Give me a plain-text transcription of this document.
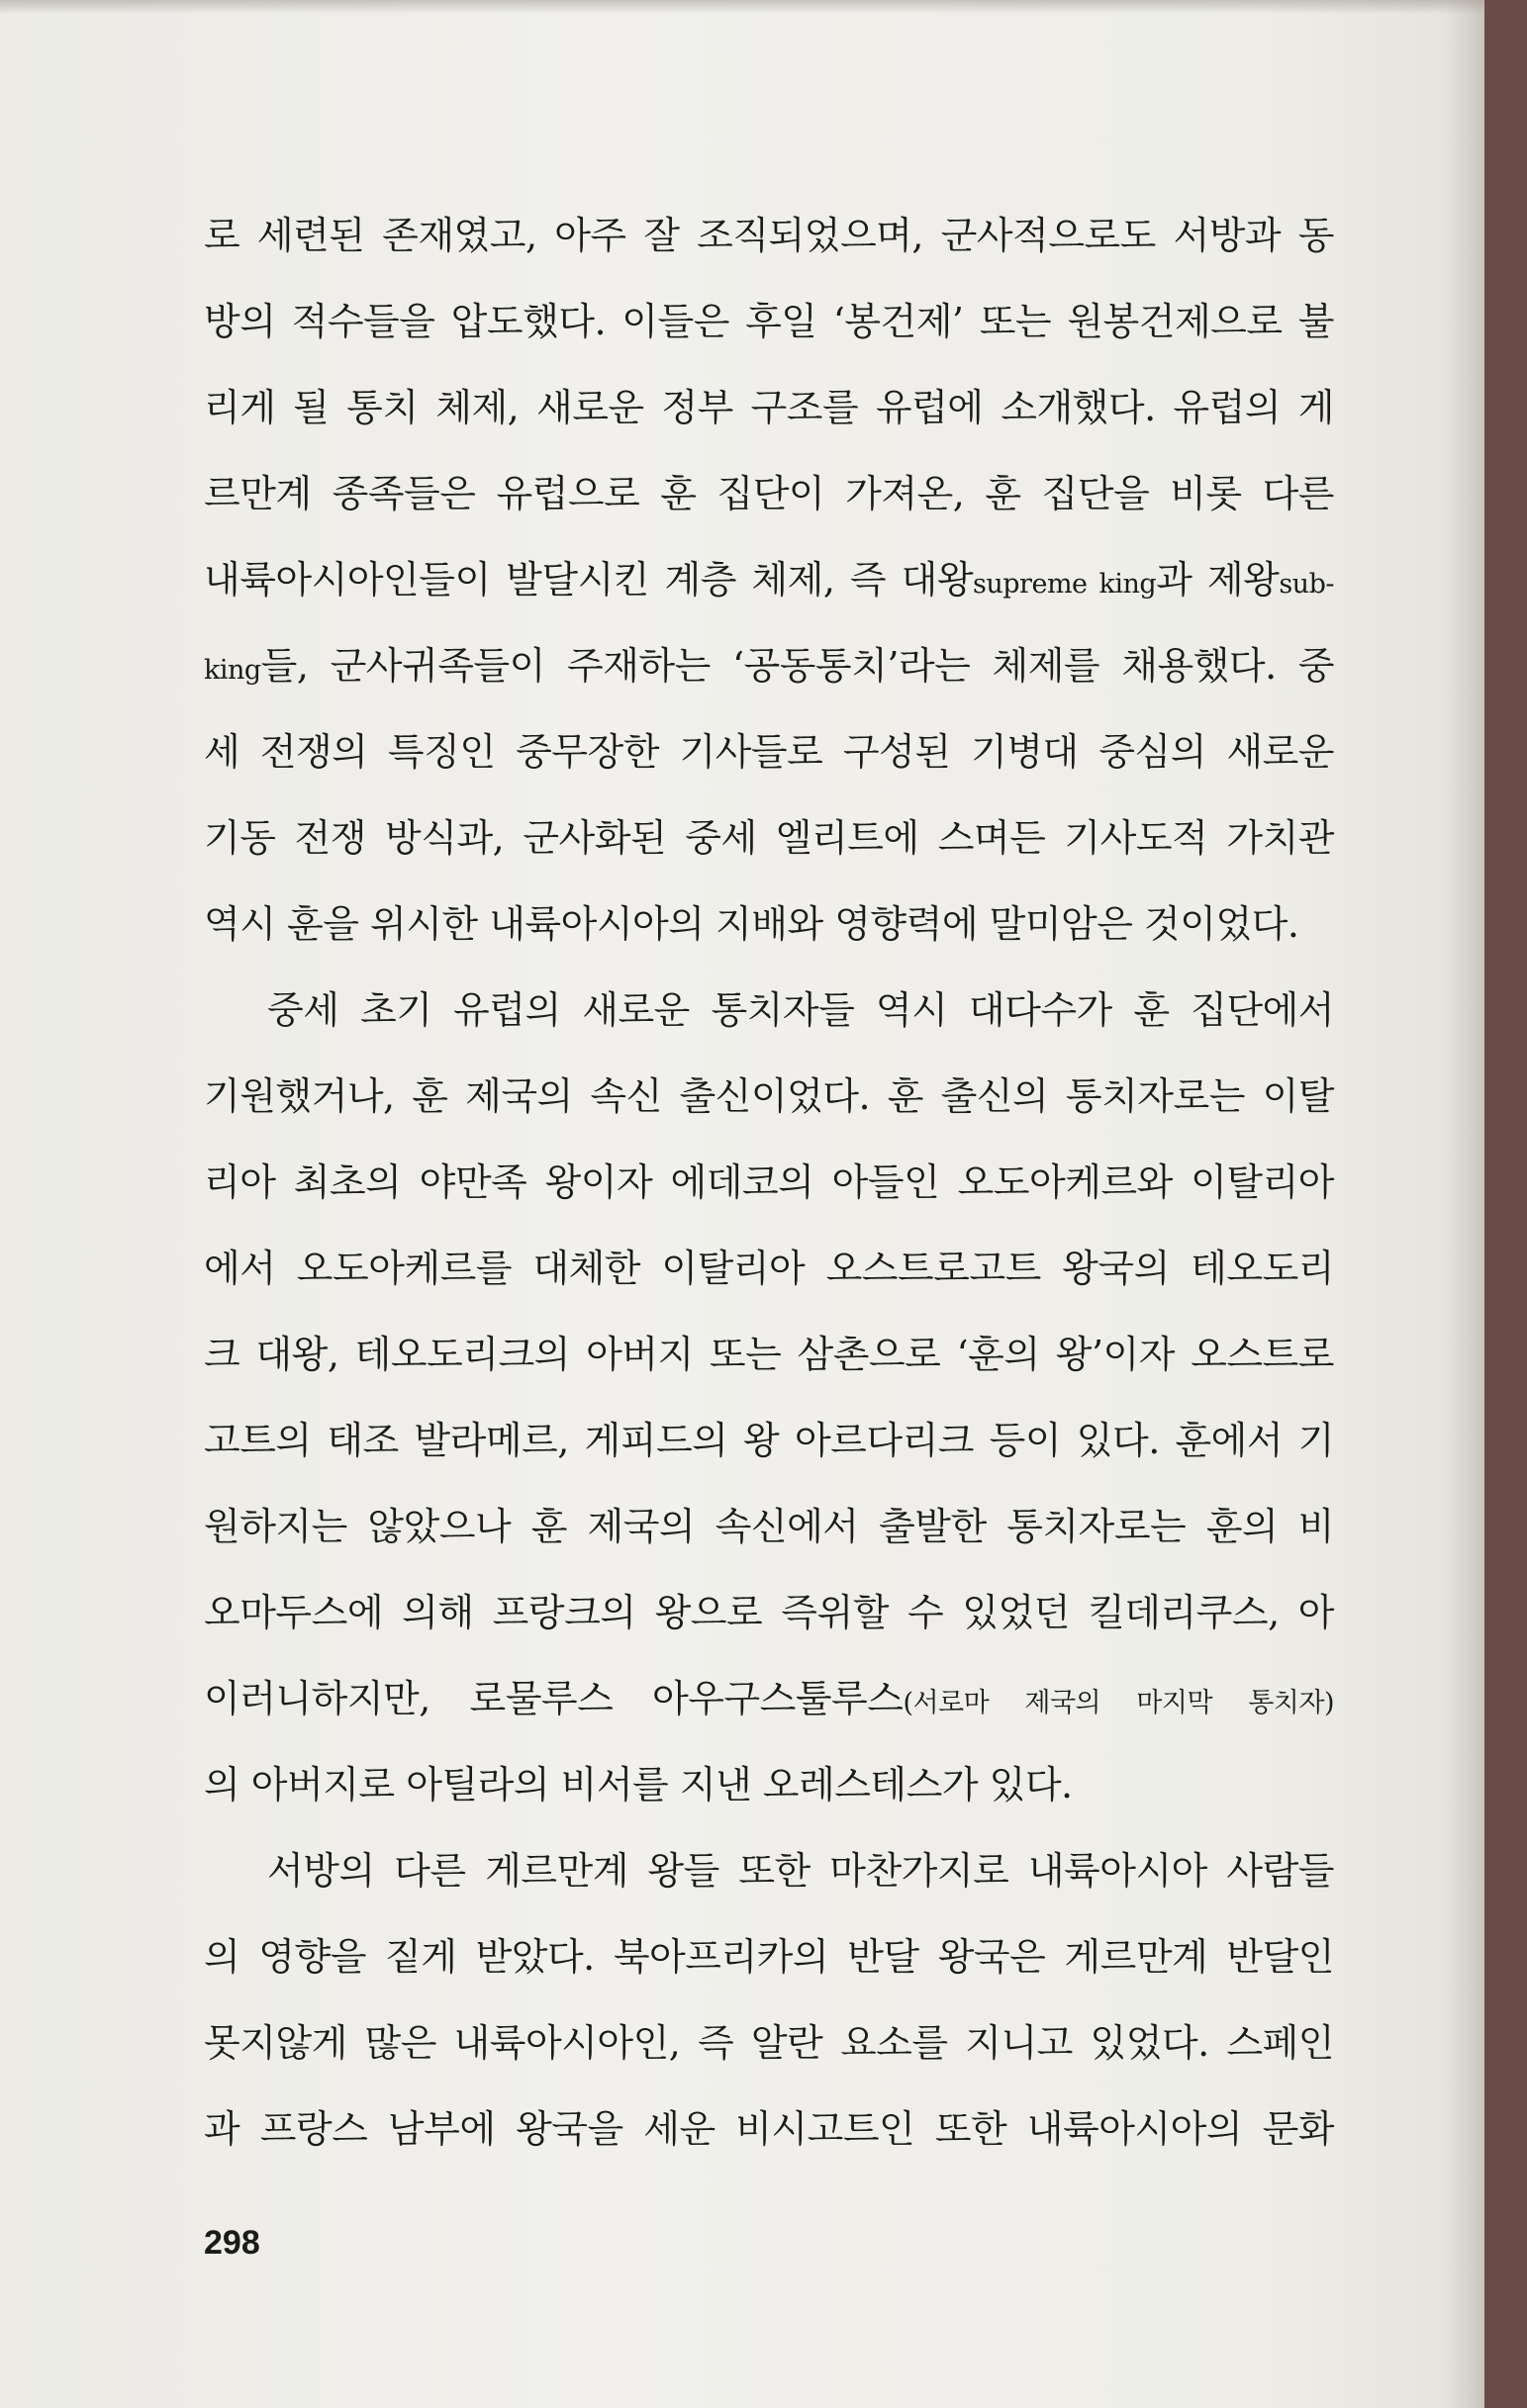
로 세련된 존재였고, 아주 잘 조직되었으며, 군사적으로도 서방과 동
방의 적수들을 압도했다. 이들은 후일 ‘봉건제’ 또는 원봉건제으로 불
리게 될 통치 체제, 새로운 정부 구조를 유럽에 소개했다. 유럽의 게
르만계 종족들은 유럽으로 훈 집단이 가져온, 훈 집단을 비롯 다른
내륙아시아인들이 발달시킨 계층 체제, 즉 대왕supreme king과 제왕sub-
king들, 군사귀족들이 주재하는 ‘공동통치’라는 체제를 채용했다. 중
세 전쟁의 특징인 중무장한 기사들로 구성된 기병대 중심의 새로운
기동 전쟁 방식과, 군사화된 중세 엘리트에 스며든 기사도적 가치관
역시 훈을 위시한 내륙아시아의 지배와 영향력에 말미암은 것이었다.
중세 초기 유럽의 새로운 통치자들 역시 대다수가 훈 집단에서
기원했거나, 훈 제국의 속신 출신이었다. 훈 출신의 통치자로는 이탈
리아 최초의 야만족 왕이자 에데코의 아들인 오도아케르와 이탈리아
에서 오도아케르를 대체한 이탈리아 오스트로고트 왕국의 테오도리
크 대왕, 테오도리크의 아버지 또는 삼촌으로 ‘훈의 왕’이자 오스트로
고트의 태조 발라메르, 게피드의 왕 아르다리크 등이 있다. 훈에서 기
원하지는 않았으나 훈 제국의 속신에서 출발한 통치자로는 훈의 비
오마두스에 의해 프랑크의 왕으로 즉위할 수 있었던 킬데리쿠스, 아
이러니하지만, 로물루스 아우구스툴루스(서로마 제국의 마지막 통치자)
의 아버지로 아틸라의 비서를 지낸 오레스테스가 있다.
서방의 다른 게르만계 왕들 또한 마찬가지로 내륙아시아 사람들
의 영향을 짙게 받았다. 북아프리카의 반달 왕국은 게르만계 반달인
못지않게 많은 내륙아시아인, 즉 알란 요소를 지니고 있었다. 스페인
과 프랑스 남부에 왕국을 세운 비시고트인 또한 내륙아시아의 문화
298
